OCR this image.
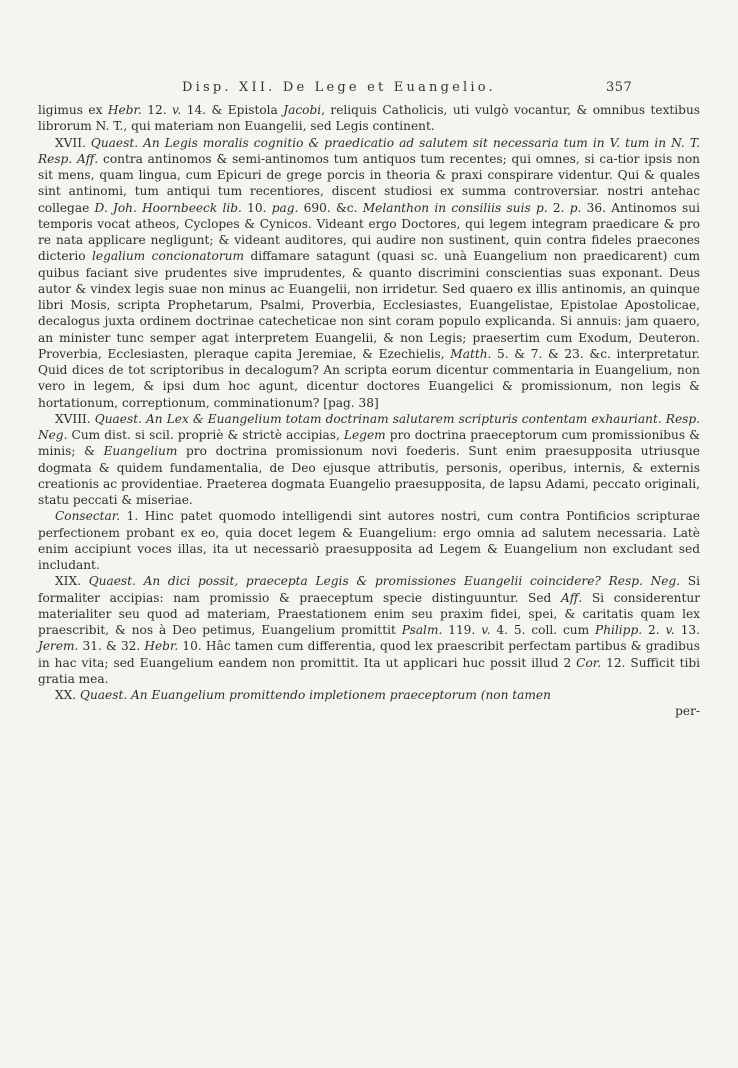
Disp. XII. De Lege et Euangelio.	357

ligimus ex Hebr. 12. v. 14. & Epistola Jacobi, reliquis Catholicis, uti vulgò vocantur, & omnibus textibus librorum N. T., qui materiam non Euangelii, sed Legis continent.

XVII. Quaest. An Legis moralis cognitio & praedicatio ad salutem sit necessaria tum in V. tum in N. T. Resp. Aff. contra antinomos & semi-antinomos tum antiquos tum recentes; qui omnes, si ca-tior ipsis non sit mens, quam lingua, cum Epicuri de grege porcis in theoria & praxi conspirare videntur. Qui & quales sint antinomi, tum antiqui tum recentiores, discent studiosi ex summa controversiar. nostri antehac collegae D. Joh. Hoornbeeck lib. 10. pag. 690. &c. Melanthon in consiliis suis p. 2. p. 36. Antinomos sui temporis vocat atheos, Cyclopes & Cynicos. Videant ergo Doctores, qui legem integram praedicare & pro re nata applicare negligunt; & videant auditores, qui audire non sustinent, quin contra fideles praecones dicterio legalium concionatorum diffamare satagunt (quasi sc. unà Euangelium non praedicarent) cum quibus faciant sive prudentes sive imprudentes, & quanto discrimini conscientias suas exponant. Deus autor & vindex legis suae non minus ac Euangelii, non irridetur. Sed quaero ex illis antinomis, an quinque libri Mosis, scripta Prophetarum, Psalmi, Proverbia, Ecclesiastes, Euangelistae, Epistolae Apostolicae, decalogus juxta ordinem doctrinae catecheticae non sint coram populo explicanda. Si annuis: jam quaero, an minister tunc semper agat interpretem Euangelii, & non Legis; praesertim cum Exodum, Deuteron. Proverbia, Ecclesiasten, pleraque capita Jeremiae, & Ezechielis, Matth. 5. & 7. & 23. &c. interpretatur. Quid dices de tot scriptoribus in decalogum? An scripta eorum dicentur commentaria in Euangelium, non vero in legem, & ipsi dum hoc agunt, dicentur doctores Euangelici & promissionum, non legis & hortationum, correptionum, comminationum? [pag. 38]

XVIII. Quaest. An Lex & Euangelium totam doctrinam salutarem scripturis contentam exhauriant. Resp. Neg. Cum dist. si scil. propriè & strictè accipias, Legem pro doctrina praeceptorum cum promissionibus & minis; & Euangelium pro doctrina promissionum novi foederis. Sunt enim praesupposita utriusque dogmata & quidem fundamentalia, de Deo ejusque attributis, personis, operibus, internis, & externis creationis ac providentiae. Praeterea dogmata Euangelio praesupposita, de lapsu Adami, peccato originali, statu peccati & miseriae.

Consectar. 1. Hinc patet quomodo intelligendi sint autores nostri, cum contra Pontificios scripturae perfectionem probant ex eo, quia docet legem & Euangelium: ergo omnia ad salutem necessaria. Latè enim accipiunt voces illas, ita ut necessariò praesupposita ad Legem & Euangelium non excludant sed includant.

XIX. Quaest. An dici possit, praecepta Legis & promissiones Euangelii coincidere? Resp. Neg. Si formaliter accipias: nam promissio & praeceptum specie distinguuntur. Sed Aff. Si considerentur materialiter seu quod ad materiam, Praestationem enim seu praxim fidei, spei, & caritatis quam lex praescribit, & nos à Deo petimus, Euangelium promittit Psalm. 119. v. 4. 5. coll. cum Philipp. 2. v. 13. Jerem. 31. & 32. Hebr. 10. Hâc tamen cum differentia, quod lex praescribit perfectam partibus & gradibus in hac vita; sed Euangelium eandem non promittit. Ita ut applicari huc possit illud 2 Cor. 12. Sufficit tibi gratia mea.

XX. Quaest. An Euangelium promittendo impletionem praeceptorum (non tamen

per-
